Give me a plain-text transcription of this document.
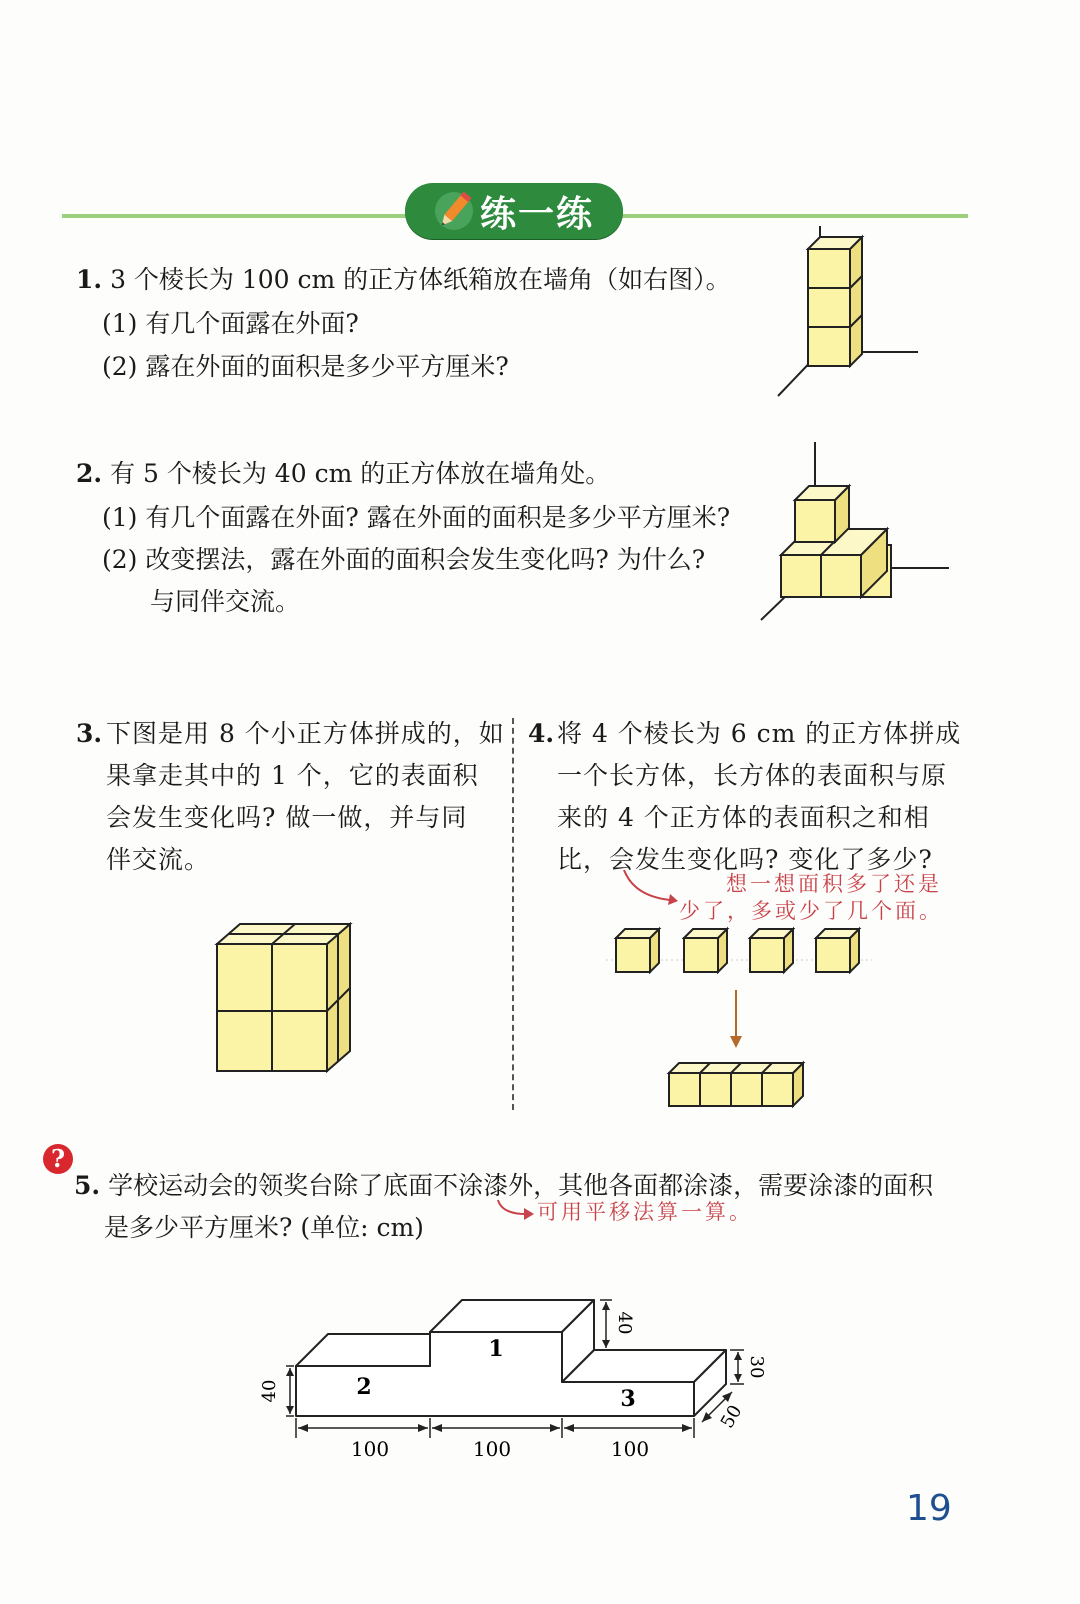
练一练
1. 3 个棱长为 100 cm 的正方体纸箱放在墙角（如右图）。
(1) 有几个面露在外面?
(2) 露在外面的面积是多少平方厘米?
2. 有 5 个棱长为 40 cm 的正方体放在墙角处。
(1) 有几个面露在外面? 露在外面的面积是多少平方厘米?
(2) 改变摆法，露在外面的面积会发生变化吗? 为什么?
与同伴交流。
3. 下图是用 8 个小正方体拼成的，如
果拿走其中的 1 个，它的表面积
会发生变化吗? 做一做，并与同
伴交流。
4. 将 4 个棱长为 6 cm 的正方体拼成
一个长方体，长方体的表面积与原
来的 4 个正方体的表面积之和相
比，会发生变化吗? 变化了多少?
想一想面积多了还是
少了，多或少了几个面。
?
5. 学校运动会的领奖台除了底面不涂漆外，其他各面都涂漆，需要涂漆的面积
是多少平方厘米? (单位: cm)
可用平移法算一算。
1
2	3
40
40
30
50
100	100	100
19
